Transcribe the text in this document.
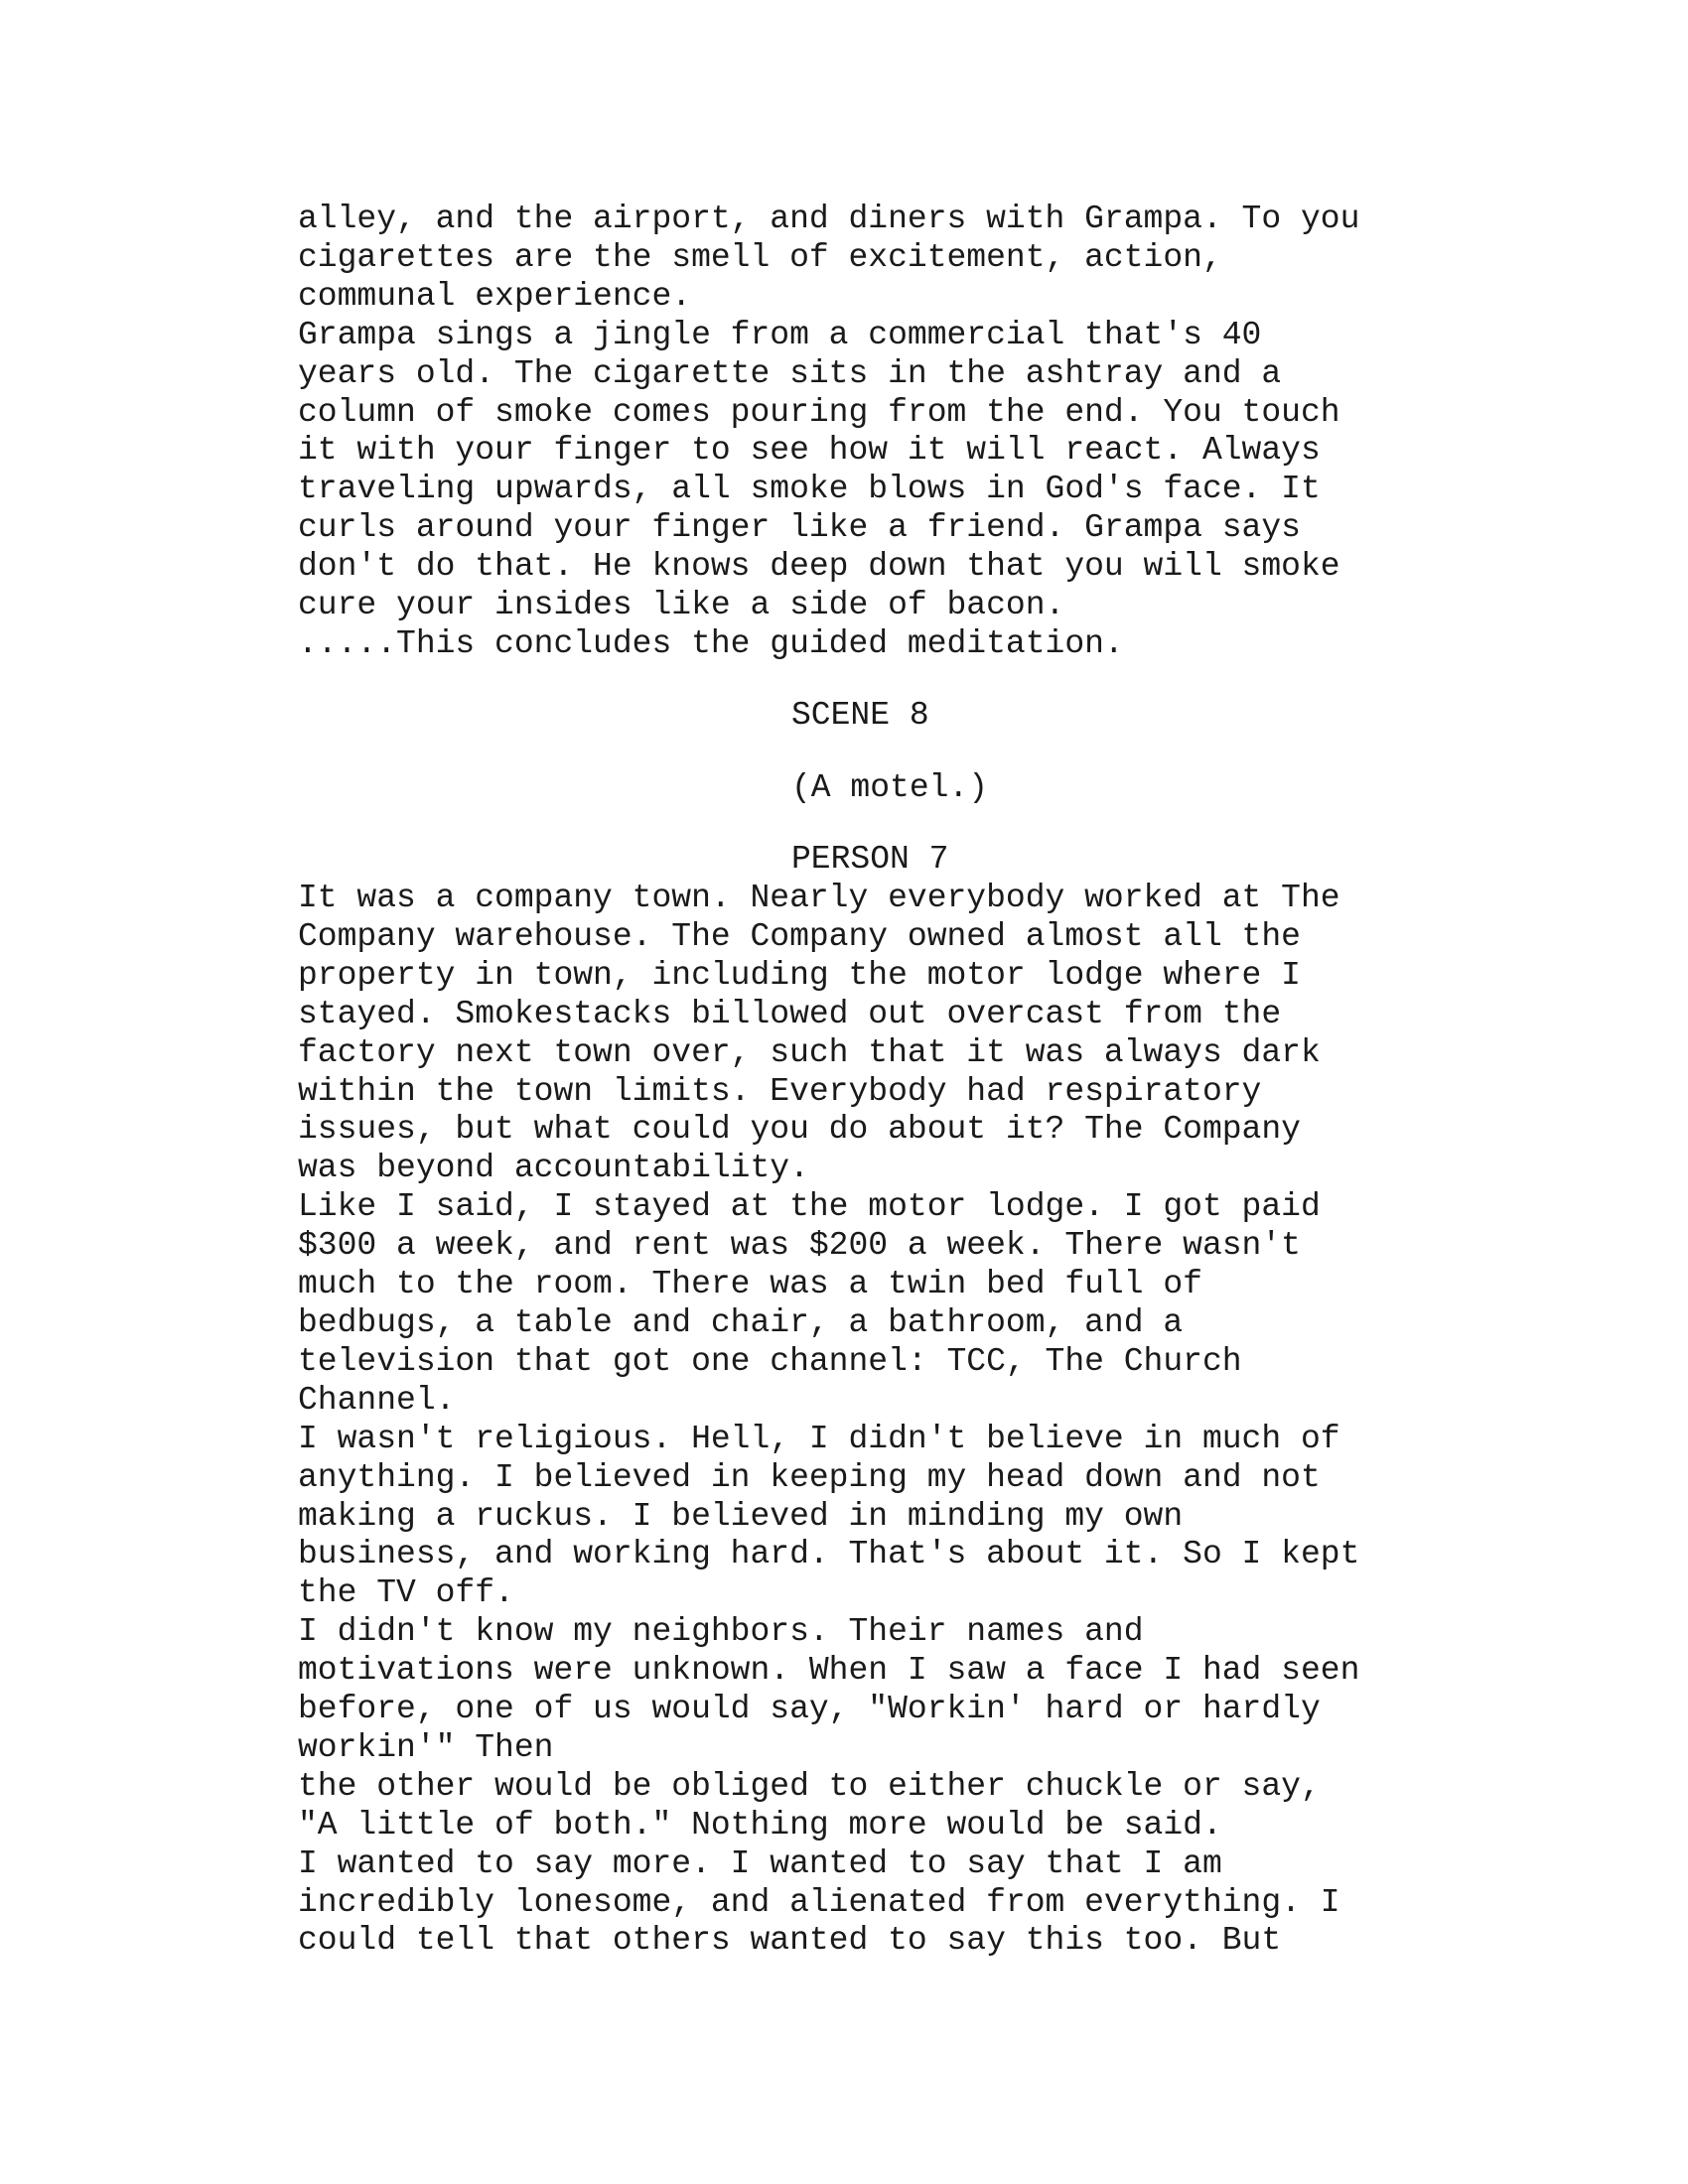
alley, and the airport, and diners with Grampa. To you
cigarettes are the smell of excitement, action,
communal experience.
Grampa sings a jingle from a commercial that's 40
years old. The cigarette sits in the ashtray and a
column of smoke comes pouring from the end. You touch
it with your finger to see how it will react. Always
traveling upwards, all smoke blows in God's face. It
curls around your finger like a friend. Grampa says
don't do that. He knows deep down that you will smoke
cure your insides like a side of bacon.
.....This concludes the guided meditation.

SCENE 8

(A motel.)

PERSON 7

It was a company town. Nearly everybody worked at The
Company warehouse. The Company owned almost all the
property in town, including the motor lodge where I
stayed. Smokestacks billowed out overcast from the
factory next town over, such that it was always dark
within the town limits. Everybody had respiratory
issues, but what could you do about it? The Company
was beyond accountability.
Like I said, I stayed at the motor lodge. I got paid
$300 a week, and rent was $200 a week. There wasn't
much to the room. There was a twin bed full of
bedbugs, a table and chair, a bathroom, and a
television that got one channel: TCC, The Church
Channel.
I wasn't religious. Hell, I didn't believe in much of
anything. I believed in keeping my head down and not
making a ruckus. I believed in minding my own
business, and working hard. That's about it. So I kept
the TV off.
I didn't know my neighbors. Their names and
motivations were unknown. When I saw a face I had seen
before, one of us would say, "Workin' hard or hardly
workin'" Then
the other would be obliged to either chuckle or say,
"A little of both." Nothing more would be said.
I wanted to say more. I wanted to say that I am
incredibly lonesome, and alienated from everything. I
could tell that others wanted to say this too. But
